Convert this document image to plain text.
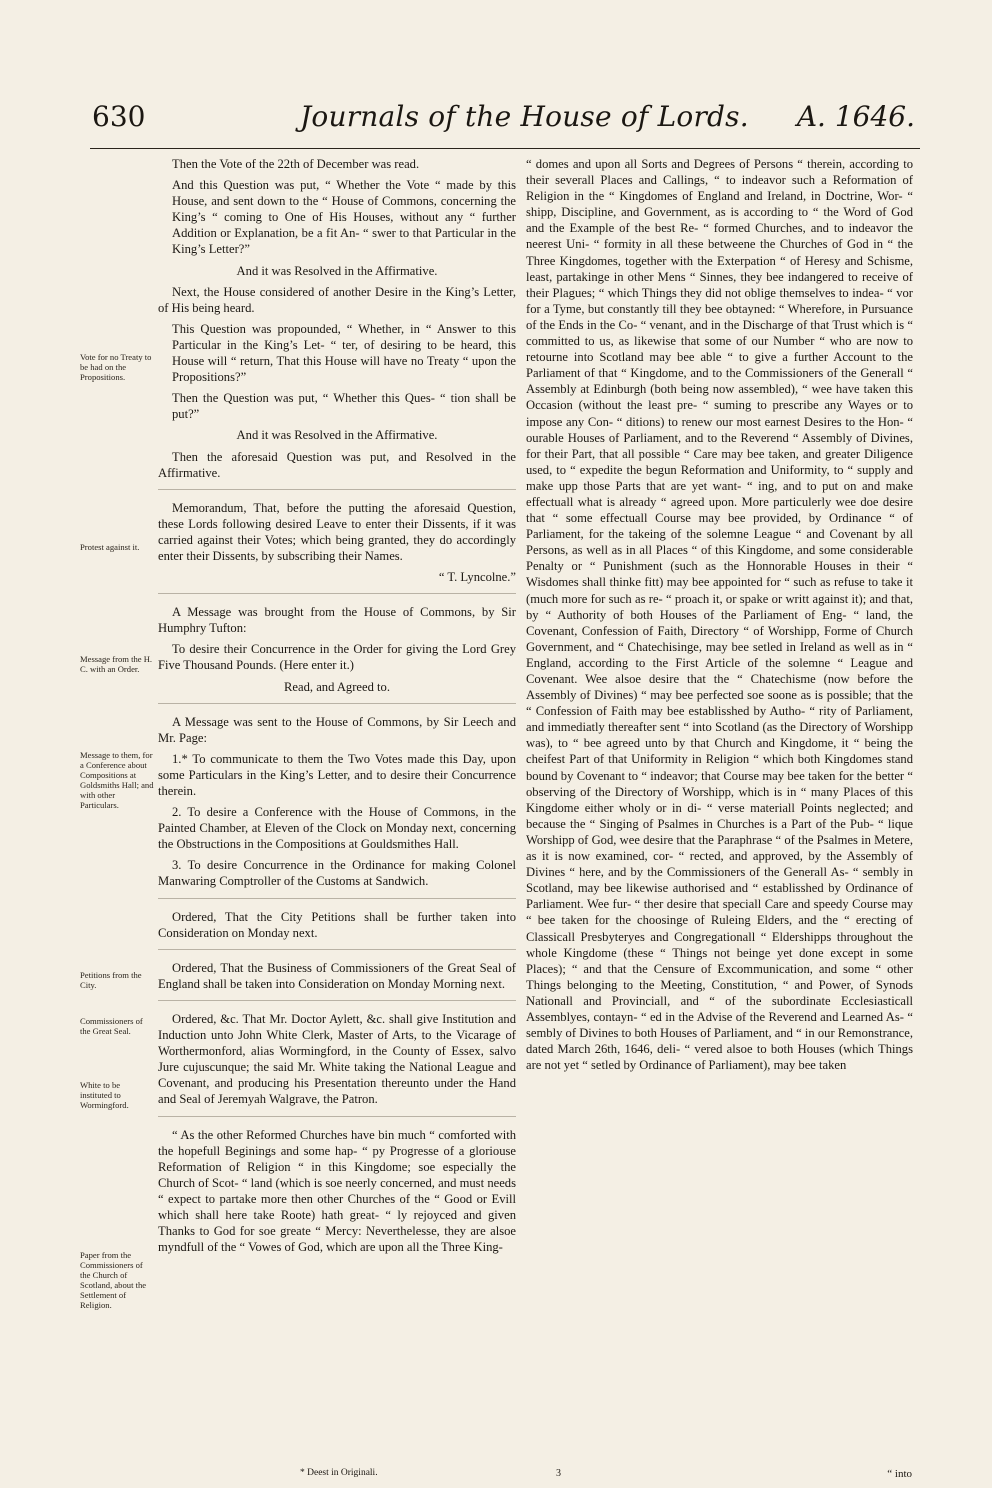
630	Journals of the House of Lords. A. 1646.
Vote for no Treaty to be had on the Propositions.
Protest against it.
Message from the H. C. with an Order.
Message to them, for a Conference about Compositions at Goldsmiths Hall; and with other Particulars.
Petitions from the City.
Commissioners of the Great Seal.
White to be instituted to Wormingford.
Paper from the Commissioners of the Church of Scotland, about the Settlement of Religion.

Then the Vote of the 22th of December was read.

And this Question was put, “ Whether the Vote “ made by this House, and sent down to the “ House of Commons, concerning the King’s “ coming to One of His Houses, without any “ further Addition or Explanation, be a fit An- “ swer to that Particular in the King’s Letter?”

And it was Resolved in the Affirmative.

Next, the House considered of another Desire in the King’s Letter, of His being heard.

This Question was propounded, “ Whether, in “ Answer to this Particular in the King’s Let- “ ter, of desiring to be heard, this House will “ return, That this House will have no Treaty “ upon the Propositions?”

Then the Question was put, “ Whether this Ques- “ tion shall be put?”

And it was Resolved in the Affirmative.

Then the aforesaid Question was put, and Resolved in the Affirmative.

Memorandum, That, before the putting the aforesaid Question, these Lords following desired Leave to enter their Dissents, if it was carried against their Votes; which being granted, they do accordingly enter their Dissents, by subscribing their Names.

“ T. Lyncolne.”

A Message was brought from the House of Commons, by Sir Humphry Tufton:

To desire their Concurrence in the Order for giving the Lord Grey Five Thousand Pounds. (Here enter it.)

Read, and Agreed to.

A Message was sent to the House of Commons, by Sir Leech and Mr. Page:

1.* To communicate to them the Two Votes made this Day, upon some Particulars in the King’s Letter, and to desire their Concurrence therein.

2. To desire a Conference with the House of Commons, in the Painted Chamber, at Eleven of the Clock on Monday next, concerning the Obstructions in the Compositions at Gouldsmithes Hall.

3. To desire Concurrence in the Ordinance for making Colonel Manwaring Comptroller of the Customs at Sandwich.

Ordered, That the City Petitions shall be further taken into Consideration on Monday next.

Ordered, That the Business of Commissioners of the Great Seal of England shall be taken into Consideration on Monday Morning next.

Ordered, &c. That Mr. Doctor Aylett, &c. shall give Institution and Induction unto John White Clerk, Master of Arts, to the Vicarage of Worthermonford, alias Wormingford, in the County of Essex, salvo Jure cujuscunque; the said Mr. White taking the National League and Covenant, and producing his Presentation thereunto under the Hand and Seal of Jeremyah Walgrave, the Patron.

“ As the other Reformed Churches have bin much “ comforted with the hopefull Beginings and some hap- “ py Progresse of a gloriouse Reformation of Religion “ in this Kingdome; soe especially the Church of Scot- “ land (which is soe neerly concerned, and must needs “ expect to partake more then other Churches of the “ Good or Evill which shall here take Roote) hath great- “ ly rejoyced and given Thanks to God for soe greate “ Mercy: Neverthelesse, they are alsoe myndfull of the “ Vowes of God, which are upon all the Three King-

“ domes and upon all Sorts and Degrees of Persons “ therein, according to their severall Places and Callings, “ to indeavor such a Reformation of Religion in the “ Kingdomes of England and Ireland, in Doctrine, Wor- “ shipp, Discipline, and Government, as is according to “ the Word of God and the Example of the best Re- “ formed Churches, and to indeavor the neerest Uni- “ formity in all these betweene the Churches of God in “ the Three Kingdomes, together with the Exterpation “ of Heresy and Schisme, least, partakinge in other Mens “ Sinnes, they bee indangered to receive of their Plagues; “ which Things they did not oblige themselves to indea- “ vor for a Tyme, but constantly till they bee obtayned: “ Wherefore, in Pursuance of the Ends in the Co- “ venant, and in the Discharge of that Trust which is “ committed to us, as likewise that some of our Number “ who are now to retourne into Scotland may bee able “ to give a further Account to the Parliament of that “ Kingdome, and to the Commissioners of the Generall “ Assembly at Edinburgh (both being now assembled), “ wee have taken this Occasion (without the least pre- “ suming to prescribe any Wayes or to impose any Con- “ ditions) to renew our most earnest Desires to the Hon- “ ourable Houses of Parliament, and to the Reverend “ Assembly of Divines, for their Part, that all possible “ Care may bee taken, and greater Diligence used, to “ expedite the begun Reformation and Uniformity, to “ supply and make upp those Parts that are yet want- “ ing, and to put on and make effectuall what is already “ agreed upon. More particulerly wee doe desire that “ some effectuall Course may bee provided, by Ordinance “ of Parliament, for the takeing of the solemne League “ and Covenant by all Persons, as well as in all Places “ of this Kingdome, and some considerable Penalty or “ Punishment (such as the Honnorable Houses in their “ Wisdomes shall thinke fitt) may bee appointed for “ such as refuse to take it (much more for such as re- “ proach it, or spake or writt against it); and that, by “ Authority of both Houses of the Parliament of Eng- “ land, the Covenant, Confession of Faith, Directory “ of Worshipp, Forme of Church Government, and “ Chatechisinge, may bee setled in Ireland as well as in “ England, according to the First Article of the solemne “ League and Covenant. Wee alsoe desire that the “ Chatechisme (now before the Assembly of Divines) “ may bee perfected soe soone as is possible; that the “ Confession of Faith may bee establisshed by Autho- “ rity of Parliament, and immediatly thereafter sent “ into Scotland (as the Directory of Worshipp was), to “ bee agreed unto by that Church and Kingdome, it “ being the cheifest Part of that Uniformity in Religion “ which both Kingdomes stand bound by Covenant to “ indeavor; that Course may bee taken for the better “ observing of the Directory of Worshipp, which is in “ many Places of this Kingdome either wholy or in di- “ verse materiall Points neglected; and because the “ Singing of Psalmes in Churches is a Part of the Pub- “ lique Worshipp of God, wee desire that the Paraphrase “ of the Psalmes in Metere, as it is now examined, cor- “ rected, and approved, by the Assembly of Divines “ here, and by the Commissioners of the Generall As- “ sembly in Scotland, may bee likewise authorised and “ establisshed by Ordinance of Parliament. Wee fur- “ ther desire that speciall Care and speedy Course may “ bee taken for the choosinge of Ruleing Elders, and the “ erecting of Classicall Presbyteryes and Congregationall “ Eldershipps throughout the whole Kingdome (these “ Things not beinge yet done except in some Places); “ and that the Censure of Excommunication, and some “ other Things belonging to the Meeting, Constitution, “ and Power, of Synods Nationall and Provinciall, and “ of the subordinate Ecclesiasticall Assemblyes, contayn- “ ed in the Advise of the Reverend and Learned As- “ sembly of Divines to both Houses of Parliament, and “ in our Remonstrance, dated March 26th, 1646, deli- “ vered alsoe to both Houses (which Things are not yet “ setled by Ordinance of Parliament), may bee taken

* Deest in Originali.	3	“ into
